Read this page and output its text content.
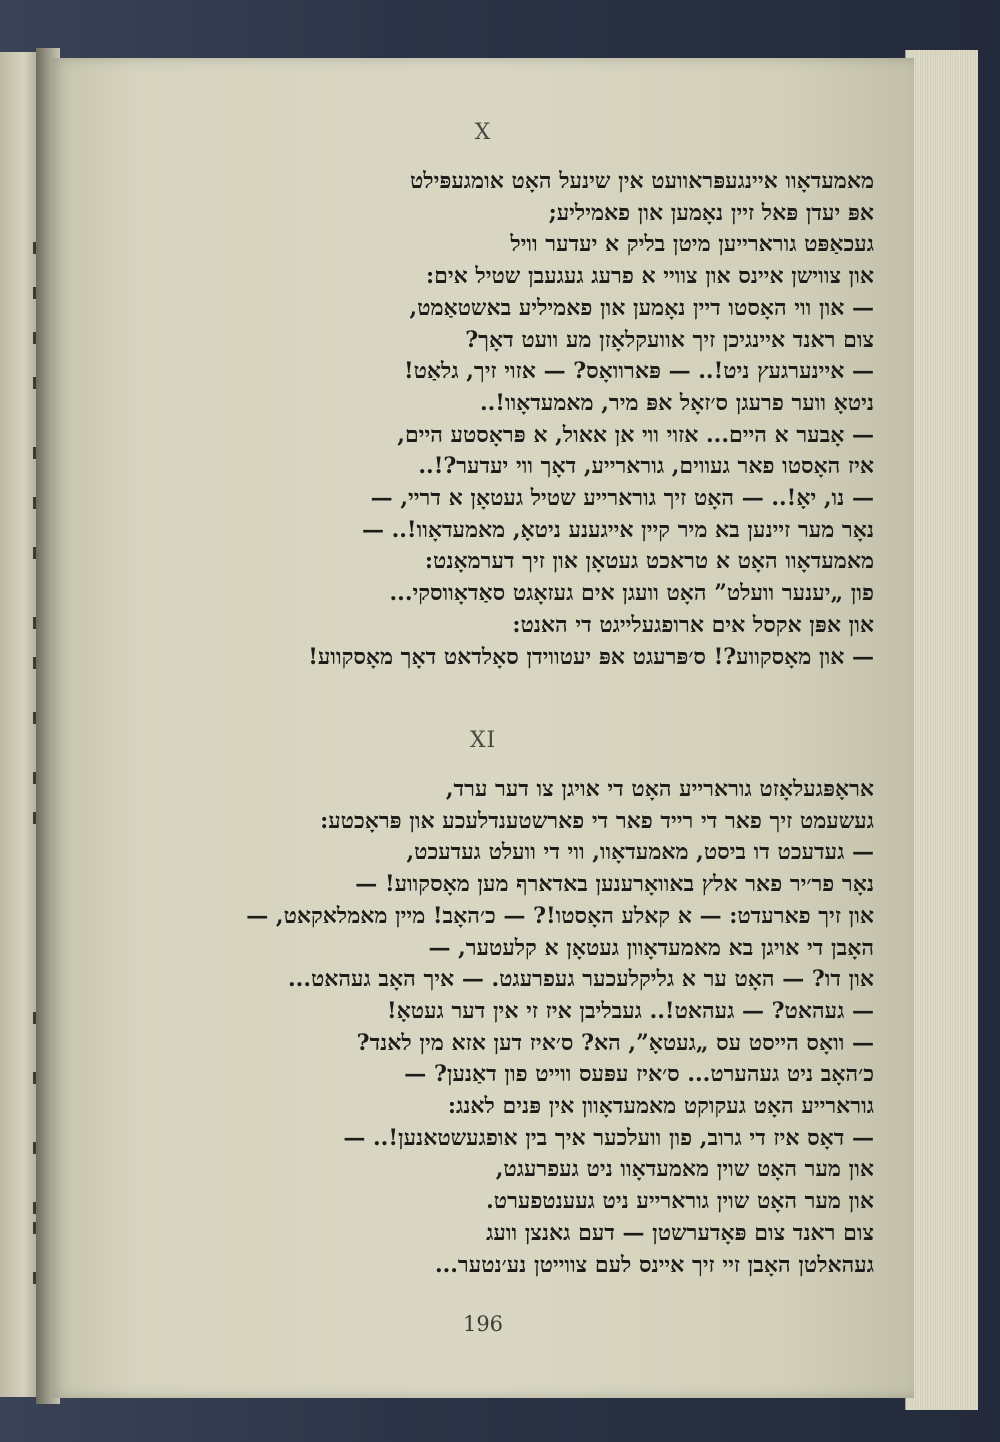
X
מאמעדאָוו איינגעפּראוועט אין שינעל האָט אומגעפּילט
אפּ יעדן פּאל זיין נאָמען און פאמיליע;
געכאַפּט גורארייען מיטן בליק א יעדער וויל
און צווישן איינס און צוויי א פרעג געגעבן שטיל אים:
— און ווי האָסטו דיין נאָמען און פאמיליע באשטאַמט,
צום ראנד איינגיכן זיך אוועקלאָזן מע וועט דאָך?
— איינערגעץ ניט!.. — פּארוואָס? — אזוי זיך, גלאַט!
ניטאָ ווער פרעגן ס׳זאָל אפּ מיר, מאמעדאָוו!..
— אָבער א היים... אזוי ווי אן אאול, א פּראָסטע היים,
איז האָסטו פאר געווים, גורארייע, דאָך ווי יעדער?!..
— נו, יאָ!.. — האָט זיך גורארייע שטיל געטאָן א דריי, —
נאָר מער זיינען בא מיר קיין אייגענע ניטאָ, מאמעדאָוו!.. —
מאמעדאָוו האָט א טראכט געטאָן און זיך דערמאָנט:
פון „יענער וועלט” האָט וועגן אים געזאָגט סאַדאָווסקי...
און אפּן אקסל אים ארופגעלייגט די האנט:
— און מאָסקווע?! ס׳פּרעגט אפּ יעטווידן סאָלדאט דאָך מאָסקווע!
XI
אראָפּגעלאָזט גורארייע האָט די אויגן צו דער ערד,
געשעמט זיך פאר די רייד פאר די פארשטענדלעכע און פּראָכטע:
— געדעכט דו ביסט, מאמעדאָוו, ווי די וועלט געדעכט,
נאָר פר׳יר פאר אלץ באוואָרענען באדארף מען מאָסקווע! —
און זיך פארעדט: — א קאלע האָסטו!? — כ׳האָב! מיין מאמלאקאט, —
האָבן די אויגן בא מאמעדאָוון געטאָן א קלעטער, —
און דו? — האָט ער א גליקלעכער געפרעגט. — איך האָב געהאט...
— געהאט? — געהאט!.. געבליבן איז זי אין דער געטאָ!
— וואָס הייסט עס „געטאָ”, הא? ס׳איז דען אזא מין לאנד?
כ׳האָב ניט געהערט... ס׳איז עפּעס ווייט פון דאַנען? —
גורארייע האָט געקוקט מאמעדאָוון אין פּנים לאנג:
— דאָס איז די גרוב, פון וועלכער איך בין אופגעשטאנען!.. —
און מער האָט שוין מאמעדאָוו ניט געפרעגט,
און מער האָט שוין גורארייע ניט געענטפערט.
צום ראנד צום פּאָדערשטן — דעם גאנצן וועג
געהאלטן האָבן זיי זיך איינס לעם צווייטן נע׳נטער...
196
